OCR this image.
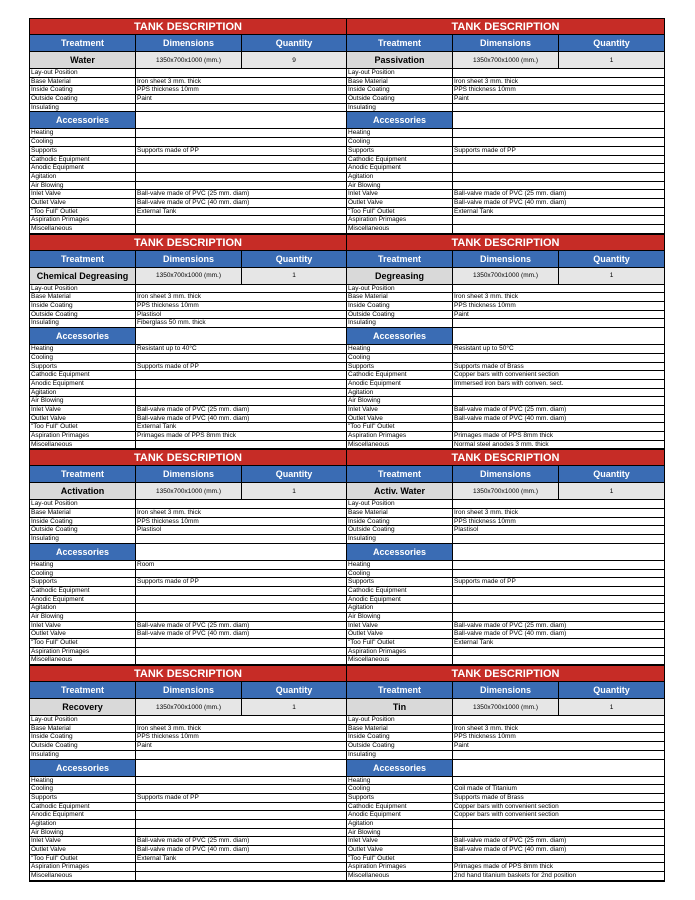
TANK DESCRIPTION
Treatment	Dimensions	Quantity
Water	1350x700x1000 (mm.)	9
Lay-out Position
Base Material	Iron sheet 3 mm. thick
Inside Coating	PPS thickness 10mm
Outside Coating	Paint
Insulating
Accessories
Heating
Cooling
Supports	Supports made of PP
Cathodic Equipment
Anodic Equipment
Agitation
Air Blowing
Inlet Valve	Ball-valve made of PVC (25 mm. diam)
Outlet Valve	Ball-valve made of PVC (40 mm. diam)
"Too Full" Outlet	External Tank
Aspiration Primages
Miscellaneous
TANK DESCRIPTION
Treatment	Dimensions	Quantity
Passivation	1350x700x1000 (mm.)	1
Lay-out Position
Base Material	Iron sheet 3 mm. thick
Inside Coating	PPS thickness 10mm
Outside Coating	Paint
Insulating
Accessories
Heating
Cooling
Supports	Supports made of PP
Cathodic Equipment
Anodic Equipment
Agitation
Air Blowing
Inlet Valve	Ball-valve made of PVC (25 mm. diam)
Outlet Valve	Ball-valve made of PVC (40 mm. diam)
"Too Full" Outlet	External Tank
Aspiration Primages
Miscellaneous
TANK DESCRIPTION
Treatment	Dimensions	Quantity
Chemical Degreasing	1350x700x1000 (mm.)	1
Lay-out Position
Base Material	Iron sheet 3 mm. thick
Inside Coating	PPS thickness 10mm
Outside Coating	Plastisol
Insulating	Fiberglass 50 mm. thick
Accessories
Heating	Resistant up to 40°C
Cooling
Supports	Supports made of PP
Cathodic Equipment
Anodic Equipment
Agitation
Air Blowing
Inlet Valve	Ball-valve made of PVC (25 mm. diam)
Outlet Valve	Ball-valve made of PVC (40 mm. diam)
"Too Full" Outlet	External Tank
Aspiration Primages	Primages made of PPS 8mm thick
Miscellaneous
TANK DESCRIPTION
Treatment	Dimensions	Quantity
Degreasing	1350x700x1000 (mm.)	1
Lay-out Position
Base Material	Iron sheet 3 mm. thick
Inside Coating	PPS thickness 10mm
Outside Coating	Paint
Insulating
Accessories
Heating	Resistant up to 50°C
Cooling
Supports	Supports made of Brass
Cathodic Equipment	Copper bars with convenient section
Anodic Equipment	Immersed iron bars with conven. sect.
Agitation
Air Blowing
Inlet Valve	Ball-valve made of PVC (25 mm. diam)
Outlet Valve	Ball-valve made of PVC (40 mm. diam)
"Too Full" Outlet
Aspiration Primages	Primages made of PPS 8mm thick
Miscellaneous	Normal steel anodes 3 mm. thick
TANK DESCRIPTION
Treatment	Dimensions	Quantity
Activation	1350x700x1000 (mm.)	1
Lay-out Position
Base Material	Iron sheet 3 mm. thick
Inside Coating	PPS thickness 10mm
Outside Coating	Plastisol
Insulating
Accessories
Heating	Room
Cooling
Supports	Supports made of PP
Cathodic Equipment
Anodic Equipment
Agitation
Air Blowing
Inlet Valve	Ball-valve made of PVC (25 mm. diam)
Outlet Valve	Ball-valve made of PVC (40 mm. diam)
"Too Full" Outlet
Aspiration Primages
Miscellaneous
TANK DESCRIPTION
Treatment	Dimensions	Quantity
Activ. Water	1350x700x1000 (mm.)	1
Lay-out Position
Base Material	Iron sheet 3 mm. thick
Inside Coating	PPS thickness 10mm
Outside Coating	Plastisol
Insulating
Accessories
Heating
Cooling
Supports	Supports made of PP
Cathodic Equipment
Anodic Equipment
Agitation
Air Blowing
Inlet Valve	Ball-valve made of PVC (25 mm. diam)
Outlet Valve	Ball-valve made of PVC (40 mm. diam)
"Too Full" Outlet	External Tank
Aspiration Primages
Miscellaneous
TANK DESCRIPTION
Treatment	Dimensions	Quantity
Recovery	1350x700x1000 (mm.)	1
Lay-out Position
Base Material	Iron sheet 3 mm. thick
Inside Coating	PPS thickness 10mm
Outside Coating	Paint
Insulating
Accessories
Heating
Cooling
Supports	Supports made of PP
Cathodic Equipment
Anodic Equipment
Agitation
Air Blowing
Inlet Valve	Ball-valve made of PVC (25 mm. diam)
Outlet Valve	Ball-valve made of PVC (40 mm. diam)
"Too Full" Outlet	External Tank
Aspiration Primages
Miscellaneous
TANK DESCRIPTION
Treatment	Dimensions	Quantity
Tin	1350x700x1000 (mm.)	1
Lay-out Position
Base Material	Iron sheet 3 mm. thick
Inside Coating	PPS thickness 10mm
Outside Coating	Paint
Insulating
Accessories
Heating
Cooling	Coil made of Titanium
Supports	Supports made of Brass
Cathodic Equipment	Copper bars with convenient section
Anodic Equipment	Copper bars with convenient section
Agitation
Air Blowing
Inlet Valve	Ball-valve made of PVC (25 mm. diam)
Outlet Valve	Ball-valve made of PVC (40 mm. diam)
"Too Full" Outlet
Aspiration Primages	Primages made of PPS 8mm thick
Miscellaneous	2nd hand titanium baskets for 2nd position
